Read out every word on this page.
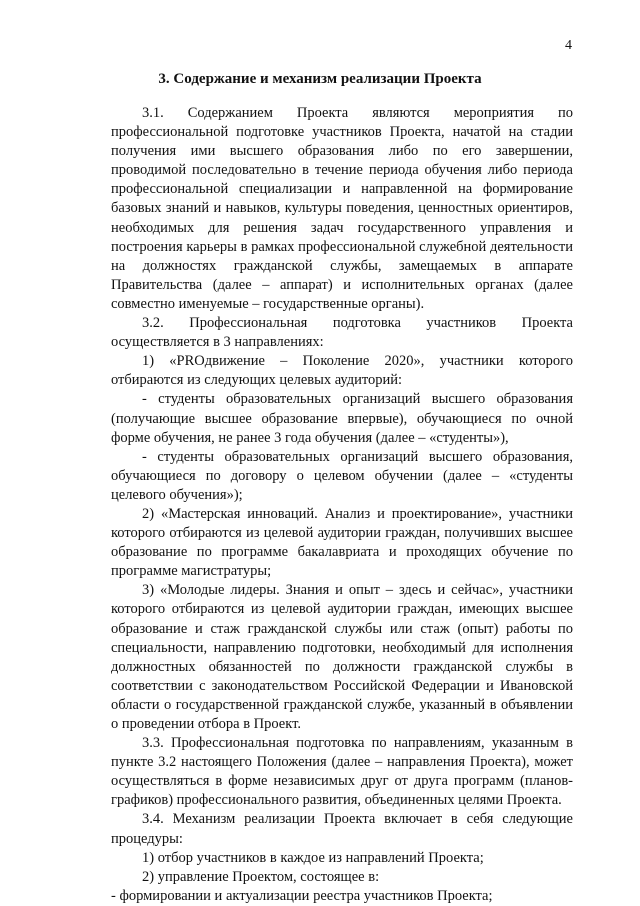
4
3. Содержание и механизм реализации Проекта

3.1. Содержанием Проекта являются мероприятия по профессиональной подготовке участников Проекта, начатой на стадии получения ими высшего образования либо по его завершении, проводимой последовательно в течение периода обучения либо периода профессиональной специализации и направленной на формирование базовых знаний и навыков, культуры поведения, ценностных ориентиров, необходимых для решения задач государственного управления и построения карьеры в рамках профессиональной служебной деятельности на должностях гражданской службы, замещаемых в аппарате Правительства (далее – аппарат) и исполнительных органах (далее совместно именуемые – государственные органы).

3.2. Профессиональная подготовка участников Проекта осуществляется в 3 направлениях:

1) «PROдвижение – Поколение 2020», участники которого отбираются из следующих целевых аудиторий:

- студенты образовательных организаций высшего образования (получающие высшее образование впервые), обучающиеся по очной форме обучения, не ранее 3 года обучения (далее – «студенты»),

- студенты образовательных организаций высшего образования, обучающиеся по договору о целевом обучении (далее – «студенты целевого обучения»);

2) «Мастерская инноваций. Анализ и проектирование», участники которого отбираются из целевой аудитории граждан, получивших высшее образование по программе бакалавриата и проходящих обучение по программе магистратуры;

3) «Молодые лидеры. Знания и опыт – здесь и сейчас», участники которого отбираются из целевой аудитории граждан, имеющих высшее образование и стаж гражданской службы или стаж (опыт) работы по специальности, направлению подготовки, необходимый для исполнения должностных обязанностей по должности гражданской службы в соответствии с законодательством Российской Федерации и Ивановской области о государственной гражданской службе, указанный в объявлении о проведении отбора в Проект.

3.3. Профессиональная подготовка по направлениям, указанным в пункте 3.2 настоящего Положения (далее – направления Проекта), может осуществляться в форме независимых друг от друга программ (планов-графиков) профессионального развития, объединенных целями Проекта.

3.4. Механизм реализации Проекта включает в себя следующие процедуры:

1) отбор участников в каждое из направлений Проекта;

2) управление Проектом, состоящее в:

- формировании и актуализации реестра участников Проекта;
